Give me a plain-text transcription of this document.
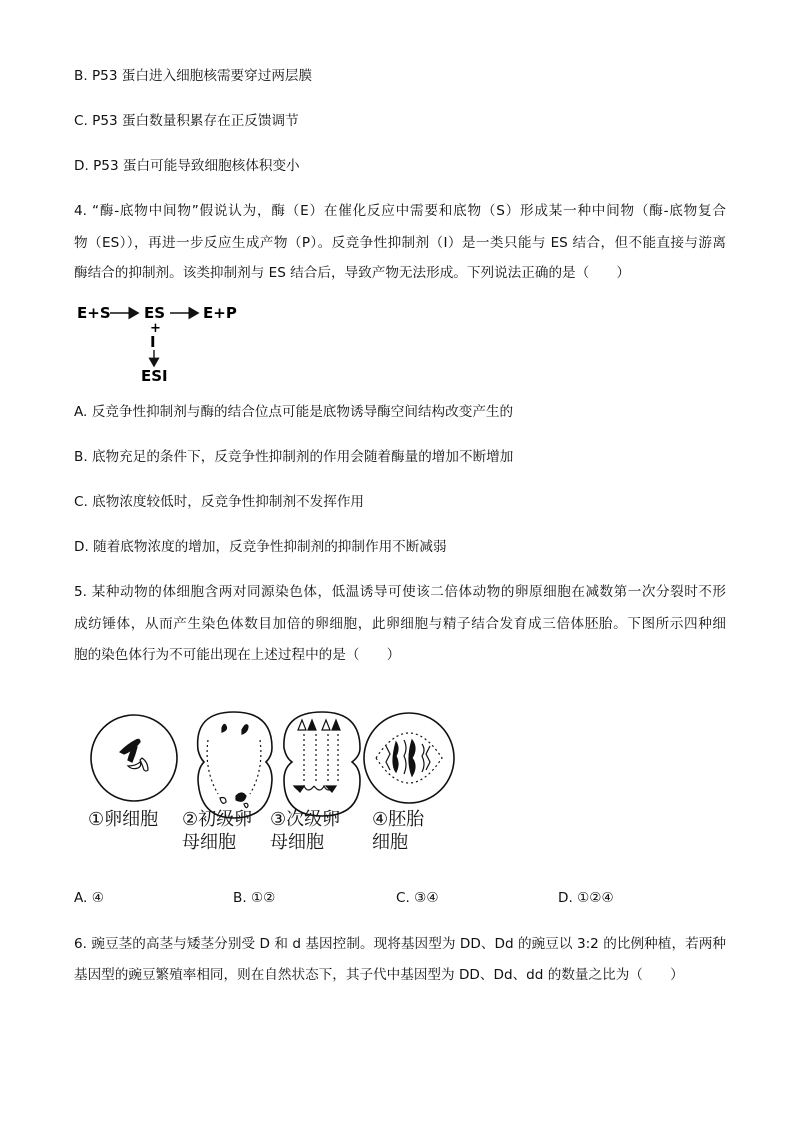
B. P53 蛋白进入细胞核需要穿过两层膜
C. P53 蛋白数量积累存在正反馈调节
D. P53 蛋白可能导致细胞核体积变小
4. “酶-底物中间物”假说认为，酶（E）在催化反应中需要和底物（S）形成某一种中间物（酶-底物复合
物（ES）），再进一步反应生成产物（P）。反竞争性抑制剂（I）是一类只能与 ES 结合，但不能直接与游离
酶结合的抑制剂。该类抑制剂与 ES 结合后，导致产物无法形成。下列说法正确的是（　　）
E+S ES	E+P
+
I
ESI
A. 反竞争性抑制剂与酶的结合位点可能是底物诱导酶空间结构改变产生的
B. 底物充足的条件下，反竞争性抑制剂的作用会随着酶量的增加不断增加
C. 底物浓度较低时，反竞争性抑制剂不发挥作用
D. 随着底物浓度的增加，反竞争性抑制剂的抑制作用不断减弱
5. 某种动物的体细胞含两对同源染色体，低温诱导可使该二倍体动物的卵原细胞在减数第一次分裂时不形
成纺锤体，从而产生染色体数目加倍的卵细胞，此卵细胞与精子结合发育成三倍体胚胎。下图所示四种细
胞的染色体行为不可能出现在上述过程中的是（　　）
①卵细胞 ②初级卵
母细胞
③次级卵
母细胞
④胚胎
细胞
A. ④	B. ①②	C. ③④	D. ①②④
6. 豌豆茎的高茎与矮茎分别受 D 和 d 基因控制。现将基因型为 DD、Dd 的豌豆以 3:2 的比例种植，若两种
基因型的豌豆繁殖率相同，则在自然状态下，其子代中基因型为 DD、Dd、dd 的数量之比为（　　）
